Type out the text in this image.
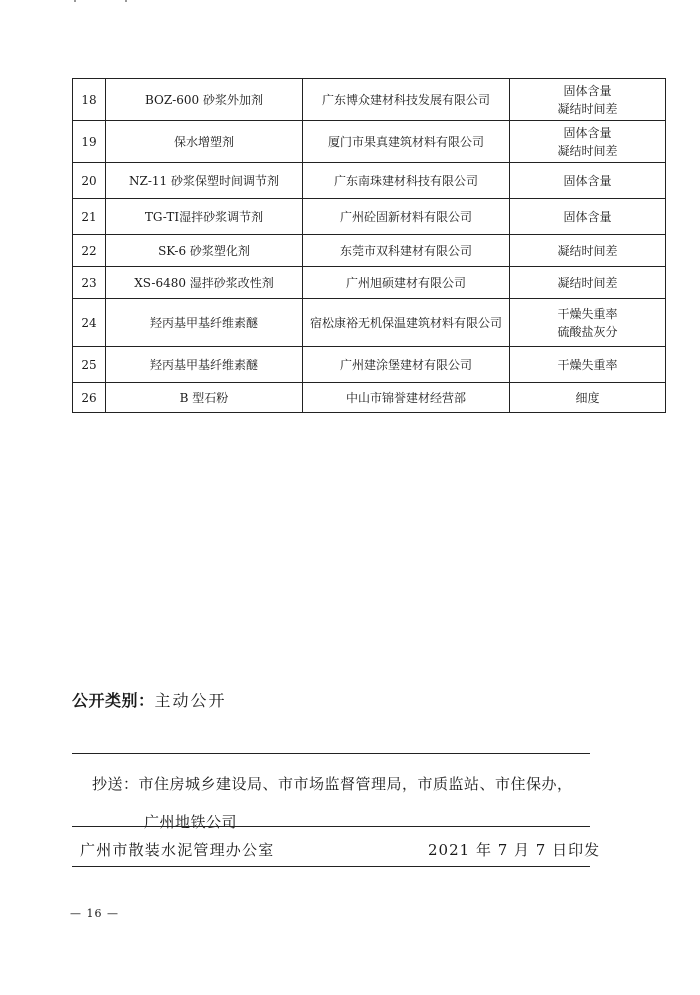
18	BOZ-600 砂浆外加剂	广东博众建材科技发展有限公司	固体含量
凝结时间差

19	保水增塑剂	厦门市果真建筑材料有限公司	固体含量
凝结时间差

20	NZ-11 砂浆保塑时间调节剂	广东南珠建材科技有限公司	固体含量

21	TG-TⅠ湿拌砂浆调节剂	广州砼固新材料有限公司	固体含量

22	SK-6 砂浆塑化剂	东莞市双科建材有限公司	凝结时间差

23	XS-6480 湿拌砂浆改性剂	广州旭硕建材有限公司	凝结时间差

24	羟丙基甲基纤维素醚	宿松康裕无机保温建筑材料有限公司	干燥失重率
硫酸盐灰分

25	羟丙基甲基纤维素醚	广州建涂堡建材有限公司	干燥失重率

26	B 型石粉	中山市锦誉建材经营部	细度
公开类别：主动公开
抄送：市住房城乡建设局、市市场监督管理局，市质监站、市住保办，
广州地铁公司
广州市散装水泥管理办公室	2021 年 7 月 7 日印发
— 16 —
